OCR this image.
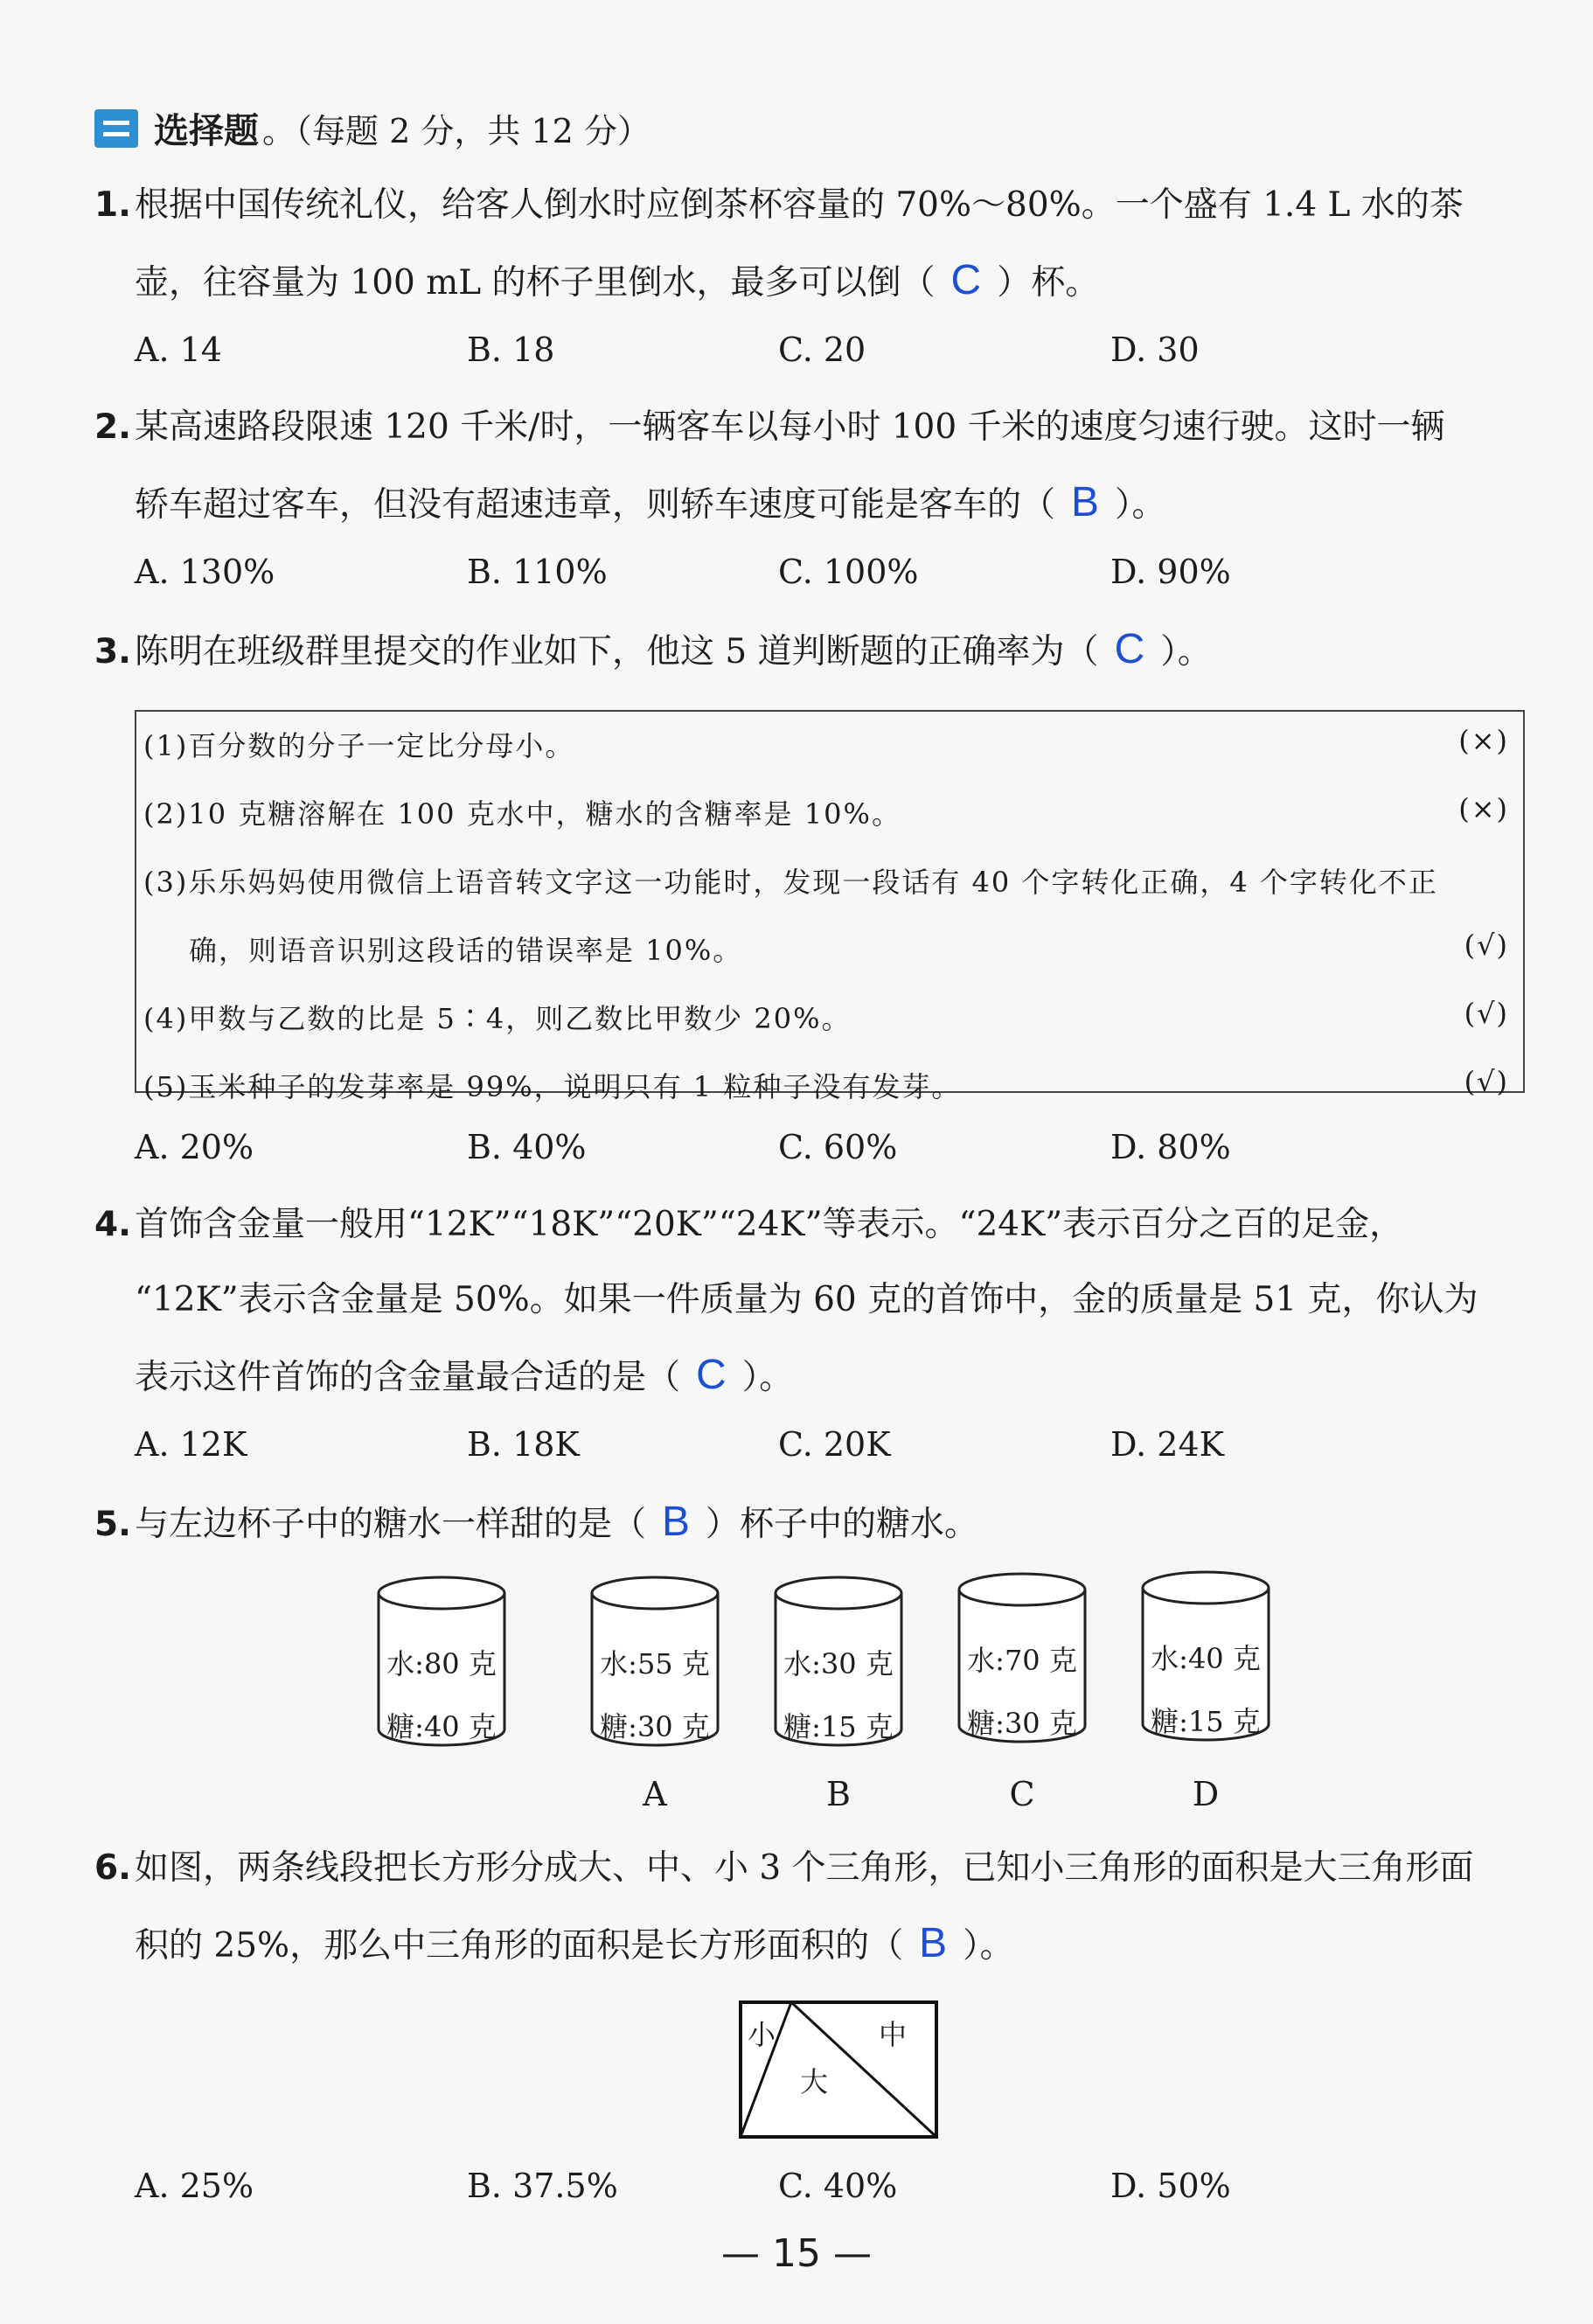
选择题 。（每题 2 分，共 12 分）
1. 根据中国传统礼仪，给客人倒水时应倒茶杯容量的 70%～80%。一个盛有 1.4 L 水的茶
壶，往容量为 100 mL 的杯子里倒水，最多可以倒（ C ）杯。
A. 14	B. 18	C. 20	D. 30
2. 某高速路段限速 120 千米/时，一辆客车以每小时 100 千米的速度匀速行驶。这时一辆
轿车超过客车，但没有超速违章，则轿车速度可能是客车的（ B ）。
A. 130%	B. 110%	C. 100%	D. 90%
3. 陈明在班级群里提交的作业如下，他这 5 道判断题的正确率为（ C ）。
(1)百分数的分子一定比分母小。	(×)
(2)10 克糖溶解在 100 克水中，糖水的含糖率是 10%。	(×)
(3)乐乐妈妈使用微信上语音转文字这一功能时，发现一段话有 40 个字转化正确，4 个字转化不正
确，则语音识别这段话的错误率是 10%。	(√)
(4)甲数与乙数的比是 5∶4，则乙数比甲数少 20%。	(√)
(5)玉米种子的发芽率是 99%，说明只有 1 粒种子没有发芽。	(√)
A. 20%	B. 40%	C. 60%	D. 80%
4. 首饰含金量一般用“12K”“18K”“20K”“24K”等表示。“24K”表示百分之百的足金，
“12K”表示含金量是 50%。如果一件质量为 60 克的首饰中，金的质量是 51 克，你认为
表示这件首饰的含金量最合适的是（ C ）。
A. 12K	B. 18K	C. 20K	D. 24K
5. 与左边杯子中的糖水一样甜的是（ B ）杯子中的糖水。
水:80 克
糖:40 克
水:55 克
糖:30 克
水:30 克
糖:15 克
水:70 克
糖:30 克
水:40 克
糖:15 克
A	B	C	D
6. 如图，两条线段把长方形分成大、中、小 3 个三角形，已知小三角形的面积是大三角形面
积的 25%，那么中三角形的面积是长方形面积的（ B ）。
小	中
大
A. 25%	B. 37.5%	C. 40%	D. 50%
— 15 —
